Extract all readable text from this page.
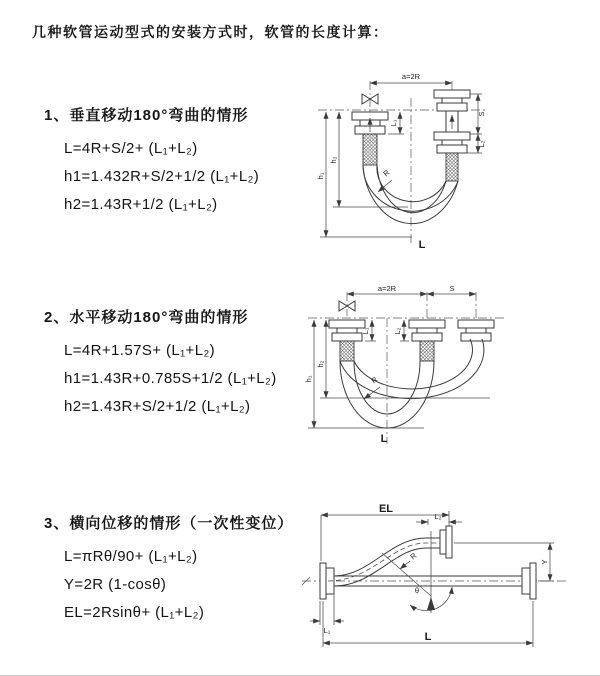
几种软管运动型式的安装方式时，软管的长度计算：
1、垂直移动180°弯曲的情形
L=4R+S/2+ (L₁+L₂)
h1=1.432R+S/2+1/2 (L₁+L₂)
h2=1.43R+1/2 (L₁+L₂)
a=2R
h₁
h₂
L₁
S
L₂
R
L
2、水平移动180°弯曲的情形
L=4R+1.57S+ (L₁+L₂)
h1=1.43R+0.785S+1/2 (L₁+L₂)
h2=1.43R+S/2+1/2 (L₁+L₂)
a=2R	S
h₁
h₂
L₁	L₂
R
L
3、横向位移的情形（一次性变位）
L=πRθ/90+ (L₁+L₂)
Y=2R (1-cosθ)
EL=2Rsinθ+ (L₁+L₂)
θ
R
EL
L₂
Y
L₁
L
